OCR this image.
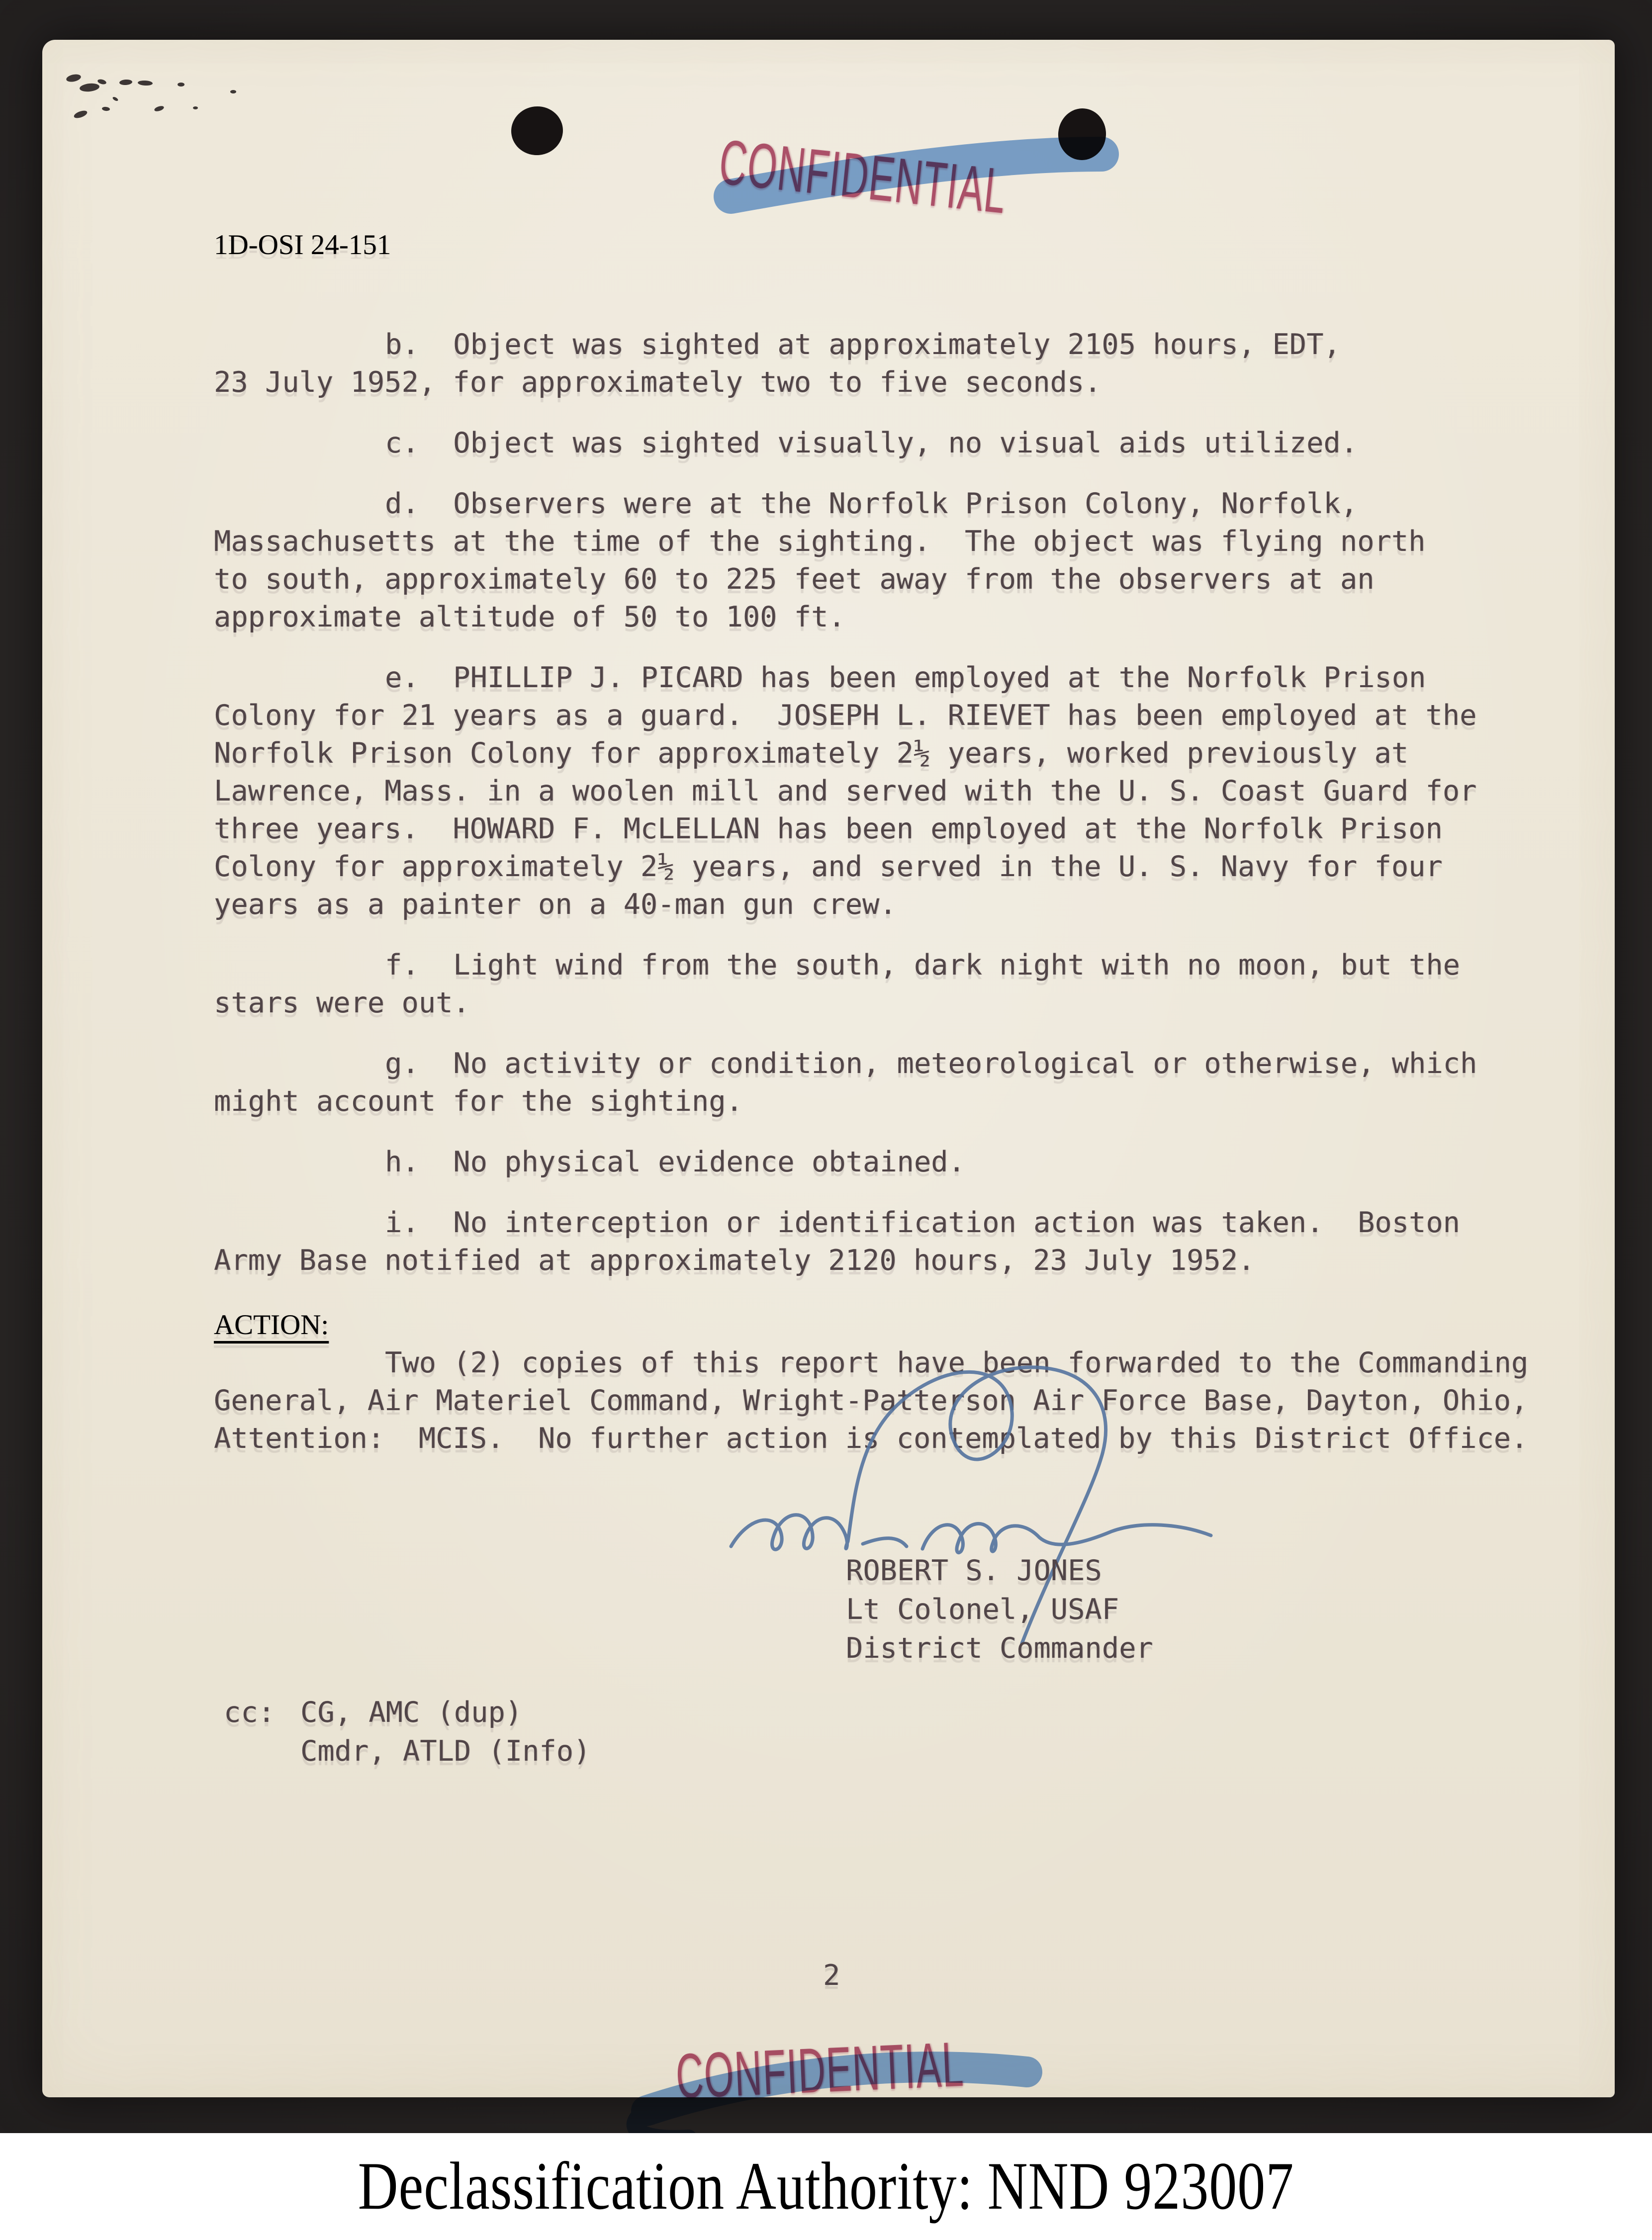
CONFIDENTIAL
1D-OSI 24-151
b.  Object was sighted at approximately 2105 hours, EDT,
23 July 1952, for approximately two to five seconds.
c.  Object was sighted visually, no visual aids utilized.
d.  Observers were at the Norfolk Prison Colony, Norfolk,
Massachusetts at the time of the sighting.  The object was flying north
to south, approximately 60 to 225 feet away from the observers at an
approximate altitude of 50 to 100 ft.
e.  PHILLIP J. PICARD has been employed at the Norfolk Prison
Colony for 21 years as a guard.  JOSEPH L. RIEVET has been employed at the
Norfolk Prison Colony for approximately 2½ years, worked previously at
Lawrence, Mass. in a woolen mill and served with the U. S. Coast Guard for
three years.  HOWARD F. McLELLAN has been employed at the Norfolk Prison
Colony for approximately 2½ years, and served in the U. S. Navy for four
years as a painter on a 40-man gun crew.
f.  Light wind from the south, dark night with no moon, but the
stars were out.
g.  No activity or condition, meteorological or otherwise, which
might account for the sighting.
h.  No physical evidence obtained.
i.  No interception or identification action was taken.  Boston
Army Base notified at approximately 2120 hours, 23 July 1952.
ACTION:
Two (2) copies of this report have been forwarded to the Commanding
General, Air Materiel Command, Wright-Patterson Air Force Base, Dayton, Ohio,
Attention:  MCIS.  No further action is contemplated by this District Office.
ROBERT S. JONES
Lt Colonel, USAF
District Commander
cc: CG, AMC (dup)
Cmdr, ATLD (Info)
2
CONFIDENTIAL
Declassification Authority: NND 923007
